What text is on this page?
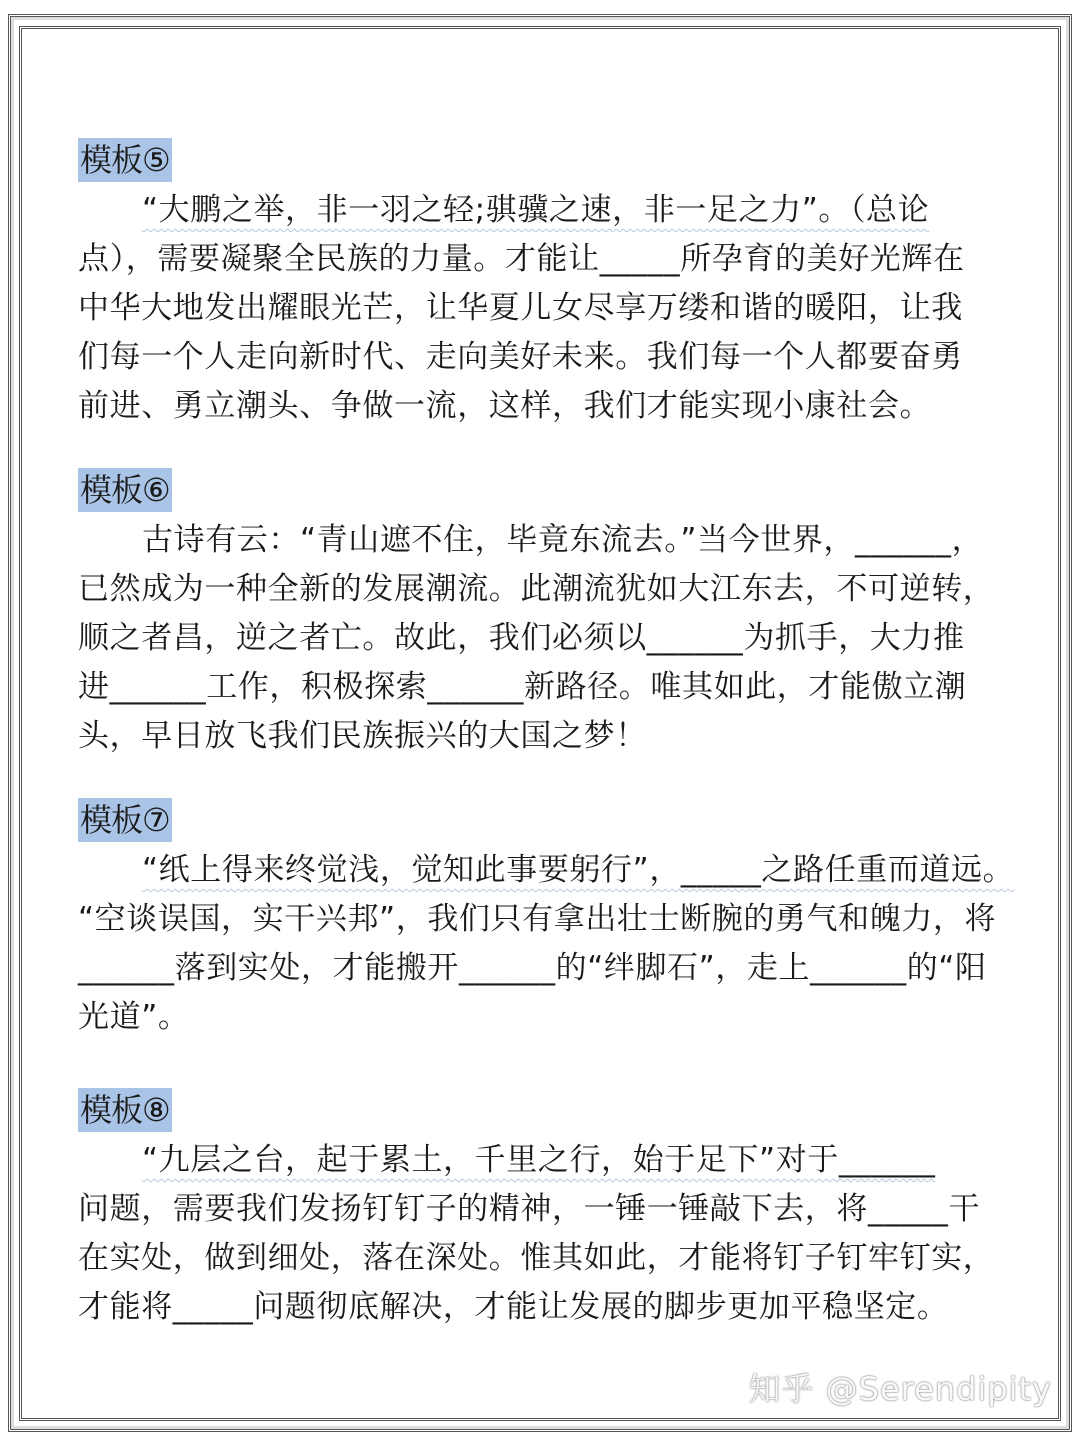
模板⑤
“大鹏之举，非一羽之轻;骐骥之速，非一足之力”。（总论
点），需要凝聚全民族的力量。才能让_____所孕育的美好光辉在
中华大地发出耀眼光芒，让华夏儿女尽享万缕和谐的暖阳，让我
们每一个人走向新时代、走向美好未来。我们每一个人都要奋勇
前进、勇立潮头、争做一流，这样，我们才能实现小康社会。
模板⑥
古诗有云：“青山遮不住，毕竟东流去。”当今世界，______，
已然成为一种全新的发展潮流。此潮流犹如大江东去，不可逆转，
顺之者昌，逆之者亡。故此，我们必须以______为抓手，大力推
进______工作，积极探索______新路径。唯其如此，才能傲立潮
头，早日放飞我们民族振兴的大国之梦！
模板⑦
“纸上得来终觉浅，觉知此事要躬行”，_____之路任重而道远。
“空谈误国，实干兴邦”，我们只有拿出壮士断腕的勇气和魄力，将
______落到实处，才能搬开______的“绊脚石”，走上______的“阳
光道”。
模板⑧
“九层之台，起于累土，千里之行，始于足下”对于______
问题，需要我们发扬钉钉子的精神，一锤一锤敲下去，将_____干
在实处，做到细处，落在深处。惟其如此，才能将钉子钉牢钉实，
才能将_____问题彻底解决，才能让发展的脚步更加平稳坚定。
知乎 @Serendipity
